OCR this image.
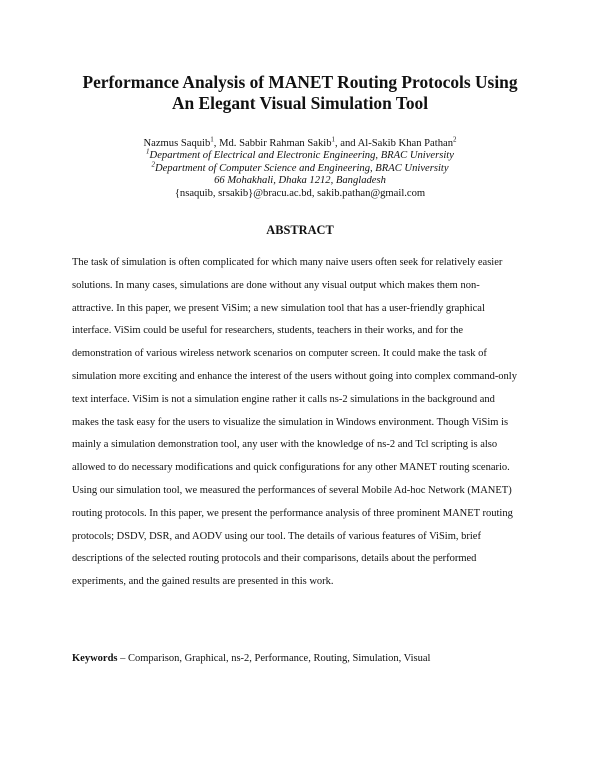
Performance Analysis of MANET Routing Protocols Using
An Elegant Visual Simulation Tool
Nazmus Saquib$^1$, Md. Sabbir Rahman Sakib$^1$, and Al-Sakib Khan Pathan$^2$
$^1$Department of Electrical and Electronic Engineering, BRAC University
$^2$Department of Computer Science and Engineering, BRAC University
66 Mohakhali, Dhaka 1212, Bangladesh
{nsaquib, srsakib}@bracu.ac.bd, sakib.pathan@gmail.com
ABSTRACT

The task of simulation is often complicated for which many naive users often seek for relatively easier
solutions. In many cases, simulations are done without any visual output which makes them non-
attractive. In this paper, we present ViSim; a new simulation tool that has a user-friendly graphical
interface. ViSim could be useful for researchers, students, teachers in their works, and for the
demonstration of various wireless network scenarios on computer screen. It could make the task of
simulation more exciting and enhance the interest of the users without going into complex command-only
text interface. ViSim is not a simulation engine rather it calls ns-2 simulations in the background and
makes the task easy for the users to visualize the simulation in Windows environment. Though ViSim is
mainly a simulation demonstration tool, any user with the knowledge of ns-2 and Tcl scripting is also
allowed to do necessary modifications and quick configurations for any other MANET routing scenario.
Using our simulation tool, we measured the performances of several Mobile Ad-hoc Network (MANET)
routing protocols. In this paper, we present the performance analysis of three prominent MANET routing
protocols; DSDV, DSR, and AODV using our tool. The details of various features of ViSim, brief
descriptions of the selected routing protocols and their comparisons, details about the performed
experiments, and the gained results are presented in this work.

Keywords – Comparison, Graphical, ns-2, Performance, Routing, Simulation, Visual
